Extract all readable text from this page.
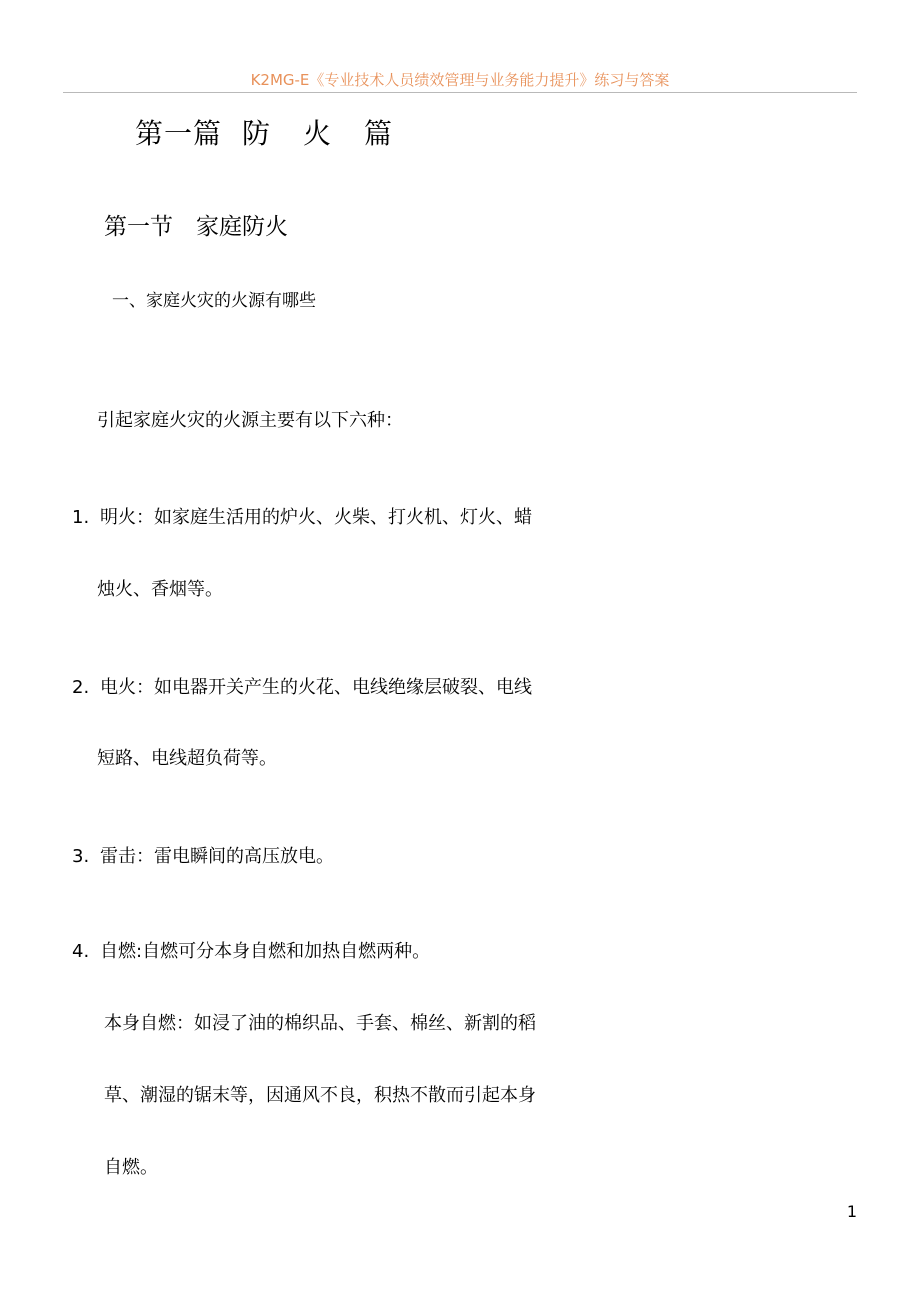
K2MG-E《专业技术人员绩效管理与业务能力提升》练习与答案
第一篇 防 火 篇
第一节　家庭防火
一、家庭火灾的火源有哪些
引起家庭火灾的火源主要有以下六种：
1. 明火：如家庭生活用的炉火、火柴、打火机、灯火、蜡
烛火、香烟等。
2. 电火：如电器开关产生的火花、电线绝缘层破裂、电线
短路、电线超负荷等。
3. 雷击：雷电瞬间的高压放电。
4. 自燃:自燃可分本身自燃和加热自燃两种。
本身自燃：如浸了油的棉织品、手套、棉丝、新割的稻
草、潮湿的锯末等，因通风不良，积热不散而引起本身
自燃。
1
